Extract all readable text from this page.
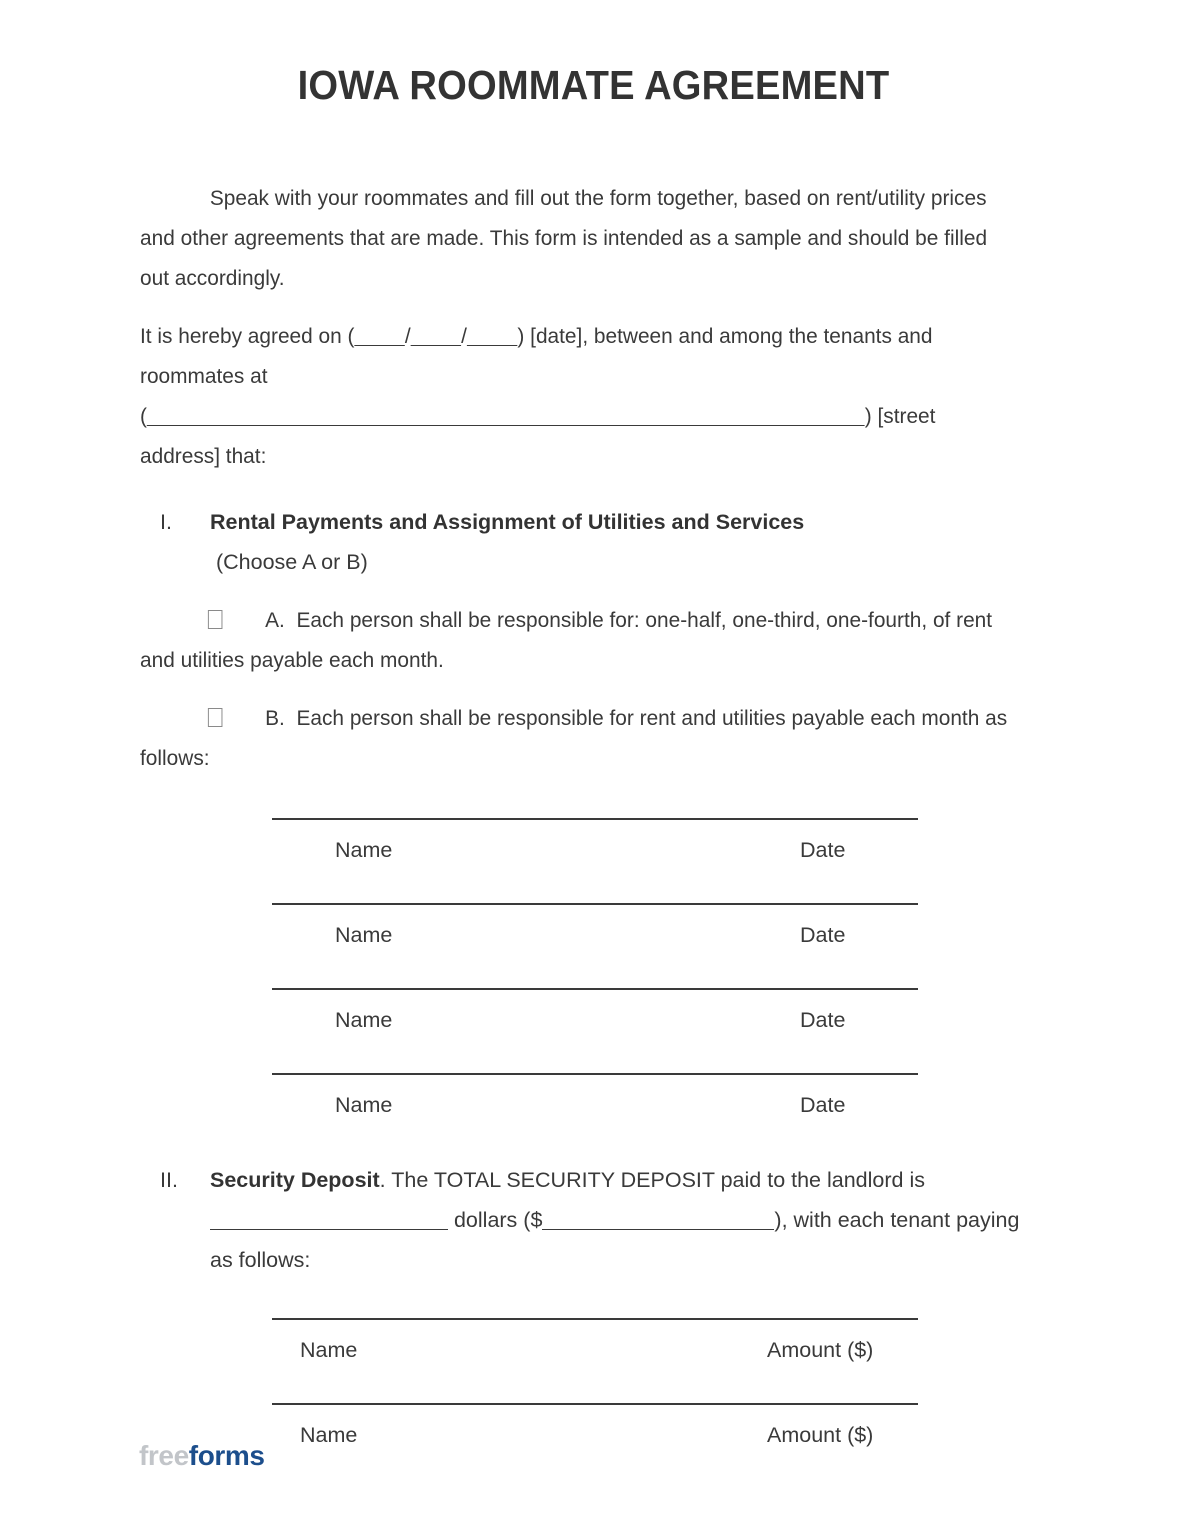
IOWA ROOMMATE AGREEMENT

Speak with your roommates and fill out the form together, based on rent/utility prices and other agreements that are made. This form is intended as a sample and should be filled out accordingly.

It is hereby agreed on ( / / ) [date], between and among the tenants and roommates at

(	) [street

address] that:

I. Rental Payments and Assignment of Utilities and Services
(Choose A or B)

A. Each person shall be responsible for: one-half, one-third, one-fourth, of rent and utilities payable each month.

B. Each person shall be responsible for rent and utilities payable each month as follows:

Name	Date
Name	Date
Name	Date
Name	Date
II. Security Deposit. The TOTAL SECURITY DEPOSIT paid to the landlord is  dollars ($	), with each tenant paying as follows:
Name	Amount ($)
Name	Amount ($)
freeforms
